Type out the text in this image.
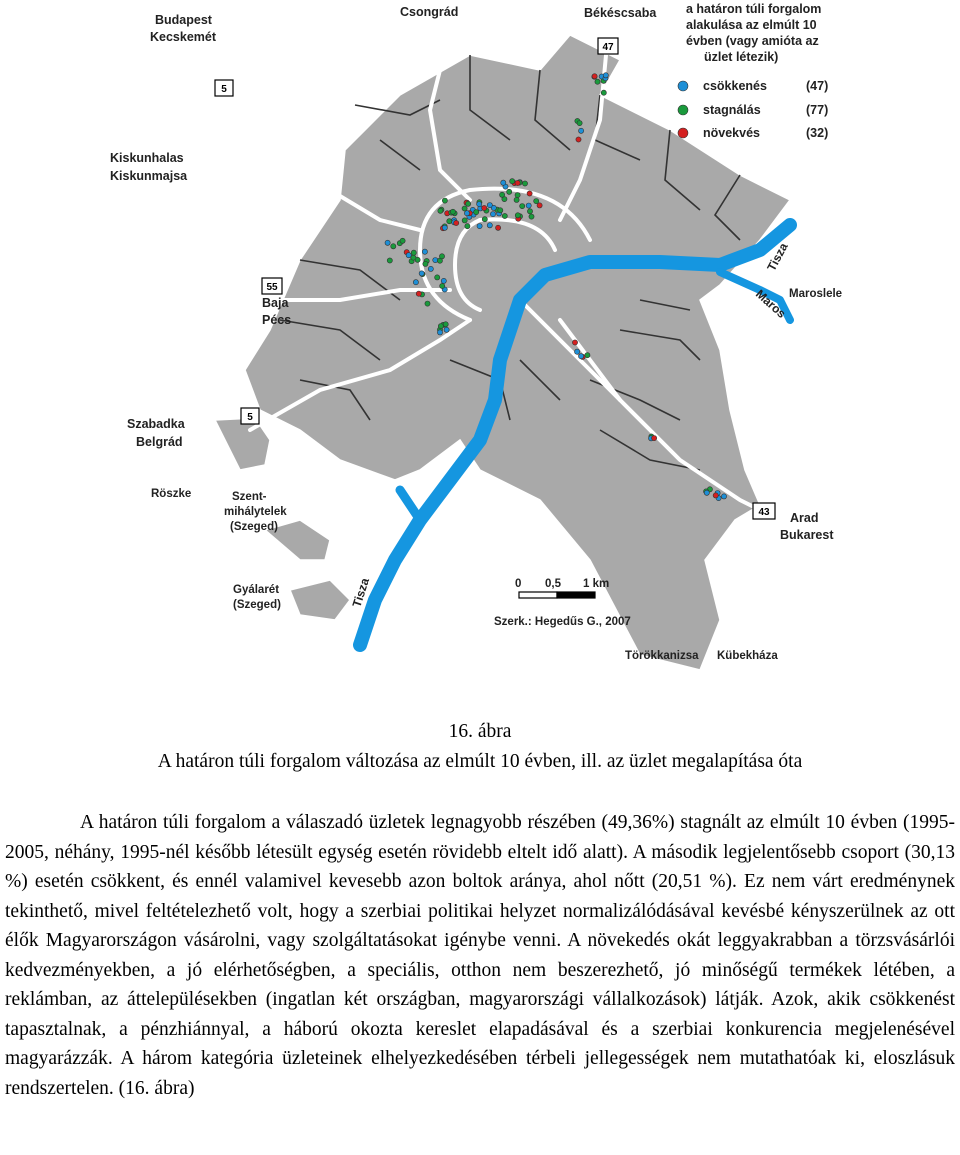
5
47
55
5
43
Budapest
Kecskemét
Csongrád	Békéscsaba
Kiskunhalas
Kiskunmajsa
Baja
Pécs
Szabadka
Belgrád
Röszke	Szent-
mihálytelek
(Szeged)
Gyálarét
(Szeged)
Maroslele
Arad
Bukarest
Törökkanizsa Kübekháza
Tisza
Maros
Tisza
a határon túli forgalom
alakulása az elmúlt 10
évben (vagy amióta az
üzlet létezik)
csökkenés	(47)
stagnálás	(77)
növekvés	(32)
0 0,5 1 km
Szerk.: Hegedűs G., 2007
16. ábra
A határon túli forgalom változása az elmúlt 10 évben, ill. az üzlet megalapítása óta

A határon túli forgalom a válaszadó üzletek legnagyobb részében (49,36%) stagnált az elmúlt 10 évben (1995-2005, néhány, 1995-nél később létesült egység esetén rövidebb eltelt idő alatt). A második legjelentősebb csoport (30,13 %) esetén csökkent, és ennél valamivel kevesebb azon boltok aránya, ahol nőtt (20,51 %). Ez nem várt eredménynek tekinthető, mivel feltételezhető volt, hogy a szerbiai politikai helyzet normalizálódásával kevésbé kényszerülnek az ott élők Magyarországon vásárolni, vagy szolgáltatásokat igénybe venni. A növekedés okát leggyakrabban a törzsvásárlói kedvezményekben, a jó elérhetőségben, a speciális, otthon nem beszerezhető, jó minőségű termékek létében, a reklámban, az áttelepülésekben (ingatlan két országban, magyarországi vállalkozások) látják. Azok, akik csökkenést tapasztalnak, a pénzhiánnyal, a háború okozta kereslet elapadásával és a szerbiai konkurencia megjelenésével magyarázzák. A három kategória üzleteinek elhelyezkedésében térbeli jellegességek nem mutathatóak ki, eloszlásuk rendszertelen. (16. ábra)
